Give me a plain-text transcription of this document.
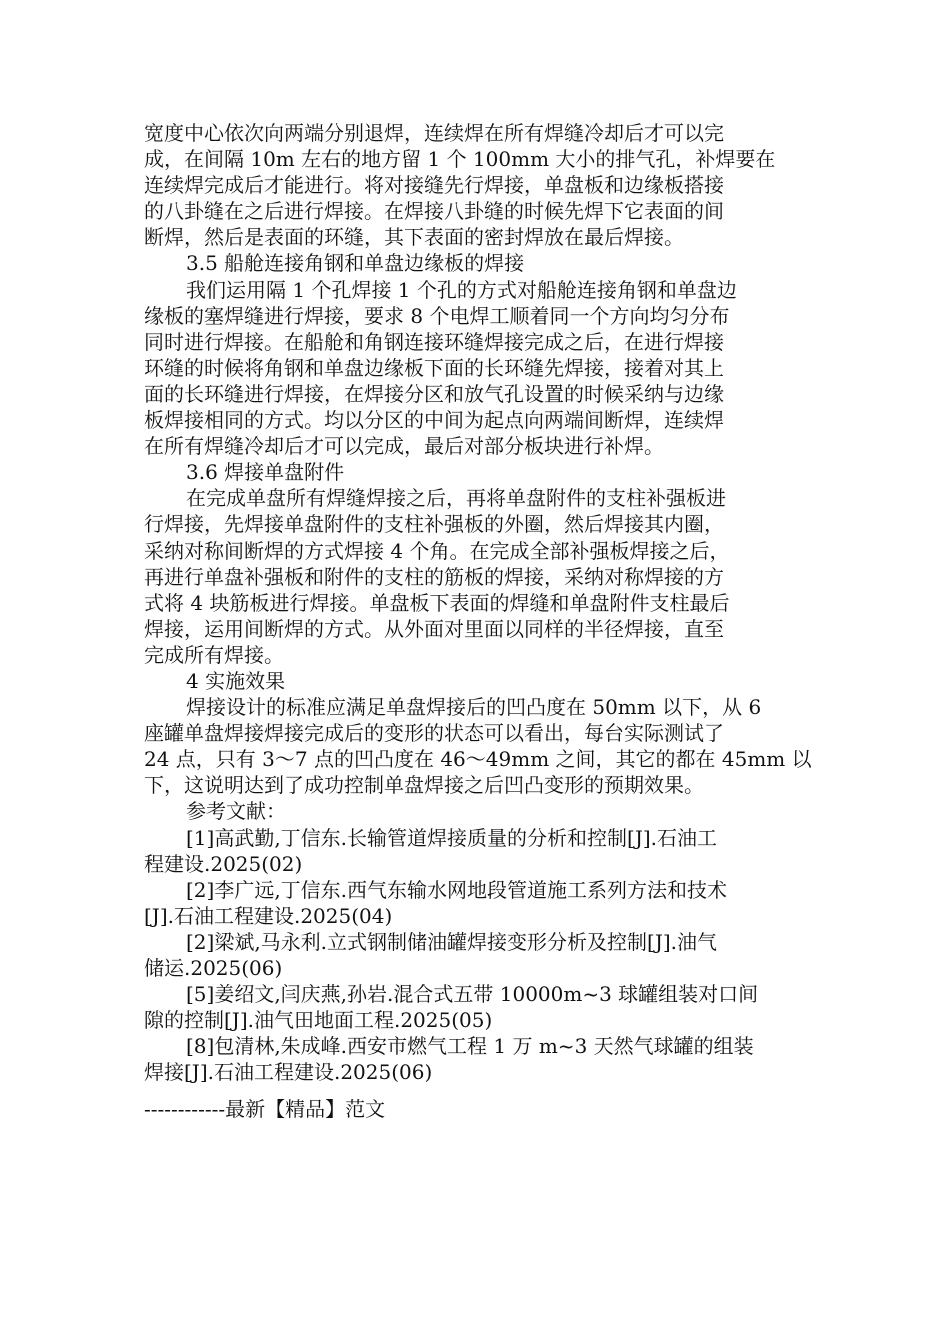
宽度中心依次向两端分别退焊，连续焊在所有焊缝冷却后才可以完
成，在间隔 10m 左右的地方留 1 个 100mm 大小的排气孔，补焊要在
连续焊完成后才能进行。将对接缝先行焊接，单盘板和边缘板搭接
的八卦缝在之后进行焊接。在焊接八卦缝的时候先焊下它表面的间
断焊，然后是表面的环缝，其下表面的密封焊放在最后焊接。
3.5 船舱连接角钢和单盘边缘板的焊接
我们运用隔 1 个孔焊接 1 个孔的方式对船舱连接角钢和单盘边
缘板的塞焊缝进行焊接，要求 8 个电焊工顺着同一个方向均匀分布
同时进行焊接。在船舱和角钢连接环缝焊接完成之后，在进行焊接
环缝的时候将角钢和单盘边缘板下面的长环缝先焊接，接着对其上
面的长环缝进行焊接，在焊接分区和放气孔设置的时候采纳与边缘
板焊接相同的方式。均以分区的中间为起点向两端间断焊，连续焊
在所有焊缝冷却后才可以完成，最后对部分板块进行补焊。
3.6 焊接单盘附件
在完成单盘所有焊缝焊接之后，再将单盘附件的支柱补强板进
行焊接，先焊接单盘附件的支柱补强板的外圈，然后焊接其内圈，
采纳对称间断焊的方式焊接 4 个角。在完成全部补强板焊接之后，
再进行单盘补强板和附件的支柱的筋板的焊接，采纳对称焊接的方
式将 4 块筋板进行焊接。单盘板下表面的焊缝和单盘附件支柱最后
焊接，运用间断焊的方式。从外面对里面以同样的半径焊接，直至
完成所有焊接。
4 实施效果
焊接设计的标准应满足单盘焊接后的凹凸度在 50mm 以下，从 6
座罐单盘焊接焊接完成后的变形的状态可以看出，每台实际测试了
24 点，只有 3～7 点的凹凸度在 46～49mm 之间，其它的都在 45mm 以
下，这说明达到了成功控制单盘焊接之后凹凸变形的预期效果。
参考文献：
[1]高武勤,丁信东.长输管道焊接质量的分析和控制[J].石油工
程建设.2025(02)
[2]李广远,丁信东.西气东输水网地段管道施工系列方法和技术
[J].石油工程建设.2025(04)
[2]梁斌,马永利.立式钢制储油罐焊接变形分析及控制[J].油气
储运.2025(06)
[5]姜绍文,闫庆燕,孙岩.混合式五带 10000m~3 球罐组装对口间
隙的控制[J].油气田地面工程.2025(05)
[8]包清林,朱成峰.西安市燃气工程 1 万 m~3 天然气球罐的组装
焊接[J].石油工程建设.2025(06)
------------最新【精品】范文
